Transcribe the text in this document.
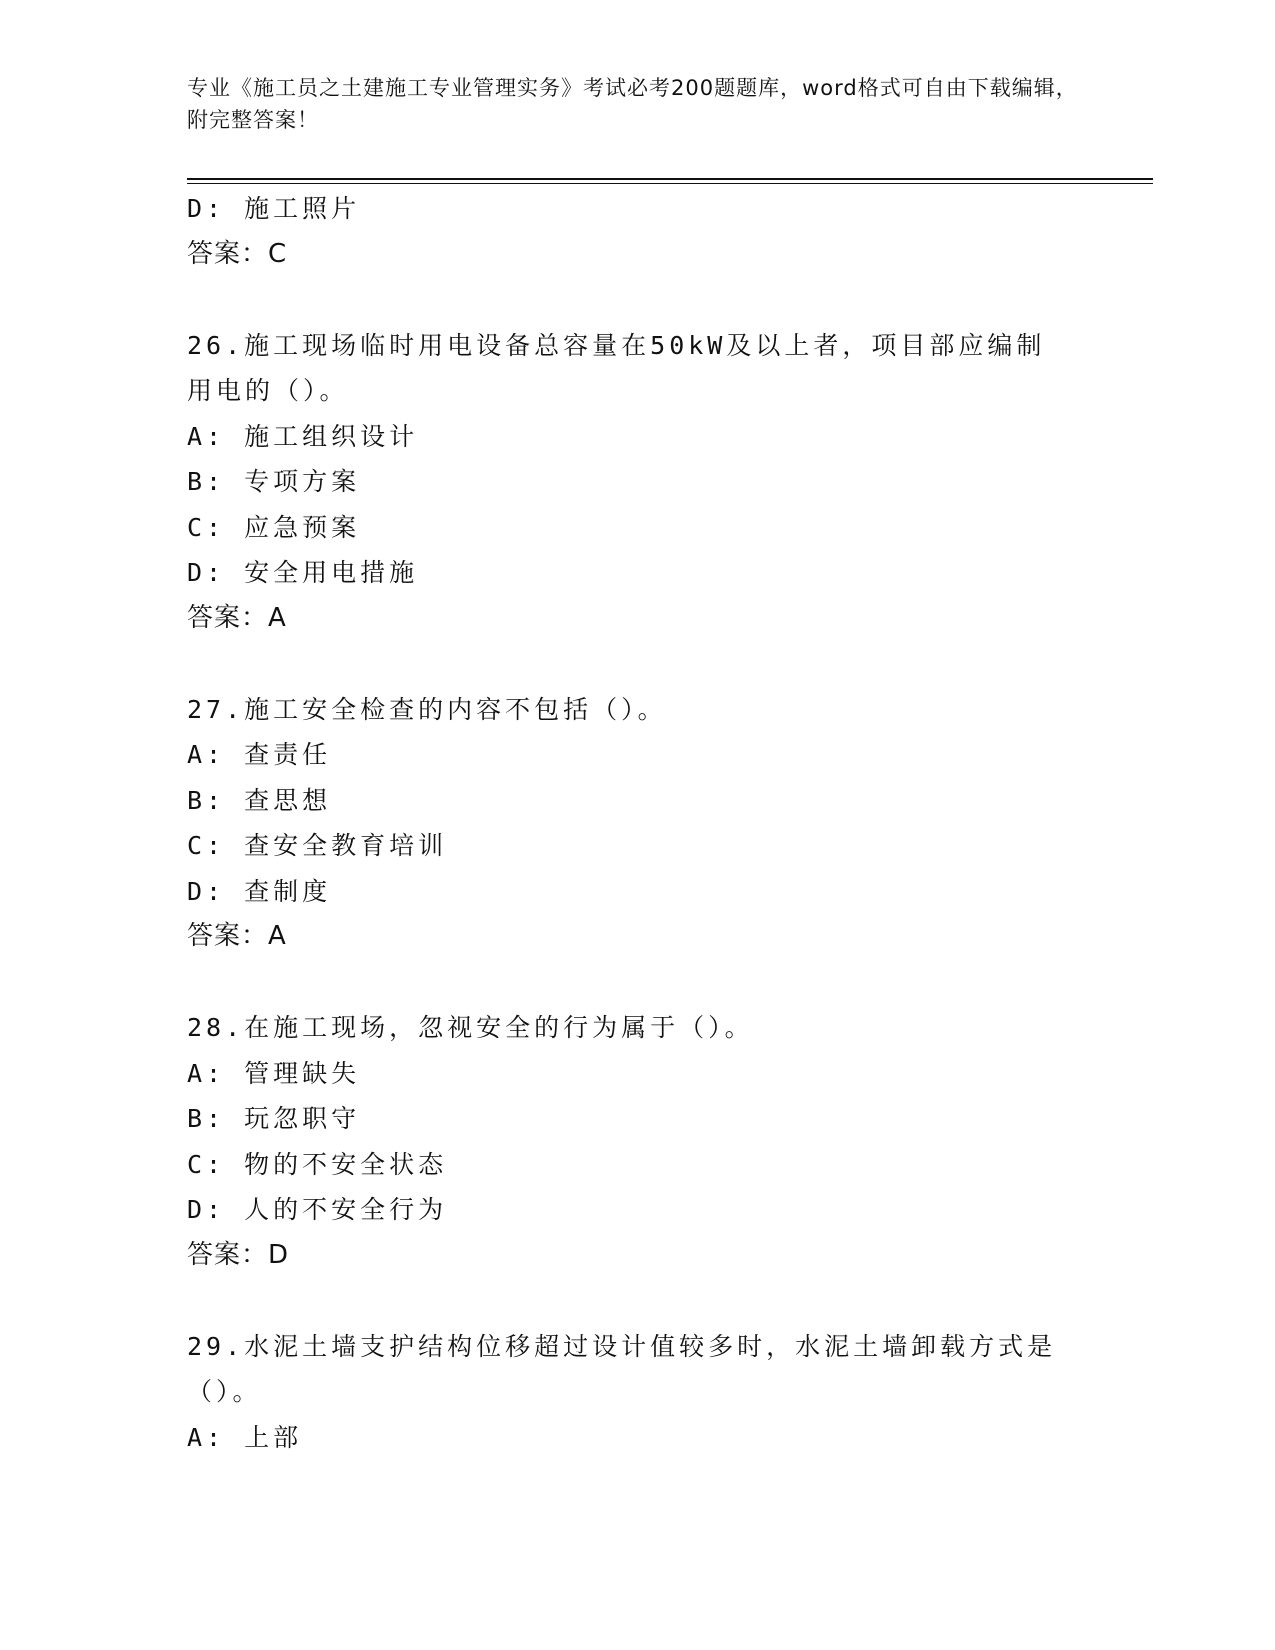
专业《施工员之土建施工专业管理实务》考试必考200题题库，word格式可自由下载编辑，附完整答案！
D: 施工照片
答案：C
26.施工现场临时用电设备总容量在50kW及以上者，项目部应编制用电的（）。
A: 施工组织设计
B: 专项方案
C: 应急预案
D: 安全用电措施
答案：A
27.施工安全检查的内容不包括（）。
A: 查责任
B: 查思想
C: 查安全教育培训
D: 查制度
答案：A
28.在施工现场，忽视安全的行为属于（）。
A: 管理缺失
B: 玩忽职守
C: 物的不安全状态
D: 人的不安全行为
答案：D
29.水泥土墙支护结构位移超过设计值较多时，水泥土墙卸载方式是（）。
A: 上部
